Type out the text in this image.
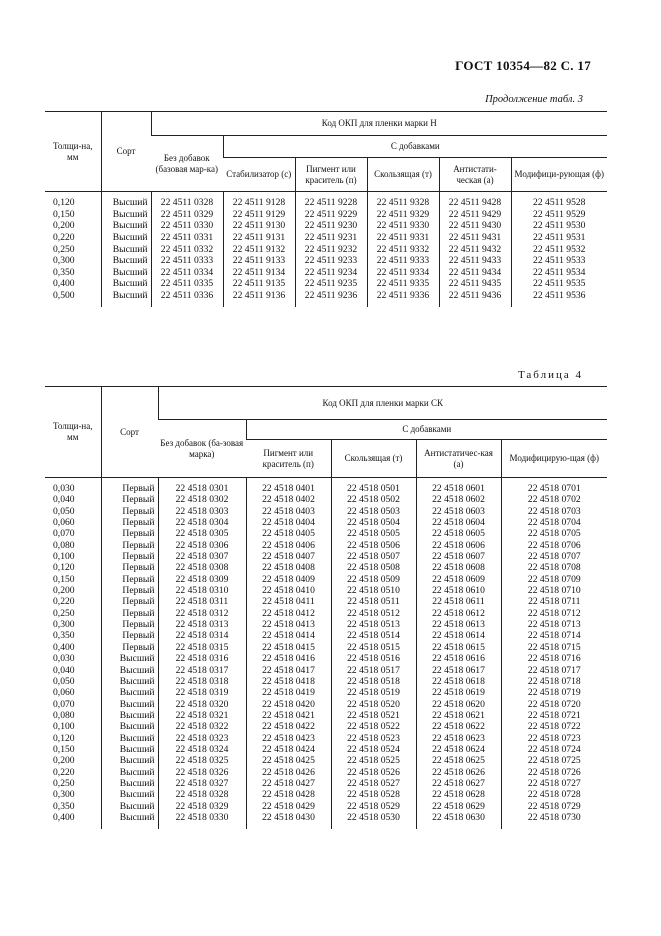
ГОСТ 10354—82 С. 17
Продолжение табл. 3
Толщи-на, мм	Сорт	Код ОКП для пленки марки Н					
		Без добавок (базовая мар-ка)	С добавками				
			Стабилизатор (с)	Пигмент или краситель (п)	Скользящая (т)	Антистати-ческая (а)	Модифици-рующая (ф)
0,120	Высший	22 4511 0328	22 4511 9128	22 4511 9228	22 4511 9328	22 4511 9428	22 4511 9528
0,150	Высший	22 4511 0329	22 4511 9129	22 4511 9229	22 4511 9329	22 4511 9429	22 4511 9529
0,200	Высший	22 4511 0330	22 4511 9130	22 4511 9230	22 4511 9330	22 4511 9430	22 4511 9530
0,220	Высший	22 4511 0331	22 4511 9131	22 4511 9231	22 4511 9331	22 4511 9431	22 4511 9531
0,250	Высший	22 4511 0332	22 4511 9132	22 4511 9232	22 4511 9332	22 4511 9432	22 4511 9532
0,300	Высший	22 4511 0333	22 4511 9133	22 4511 9233	22 4511 9333	22 4511 9433	22 4511 9533
0,350	Высший	22 4511 0334	22 4511 9134	22 4511 9234	22 4511 9334	22 4511 9434	22 4511 9534
0,400	Высший	22 4511 0335	22 4511 9135	22 4511 9235	22 4511 9335	22 4511 9435	22 4511 9535
0,500	Высший	22 4511 0336	22 4511 9136	22 4511 9236	22 4511 9336	22 4511 9436	22 4511 9536
Таблица 4
Толщи-на, мм	Сорт	Код ОКП для пленки марки СК				
		Без добавок (ба-зовая марка)	С добавками			
			Пигмент или краситель (п)	Скользящая (т)	Антистатичес-кая (а)	Модифицирую-щая (ф)
0,030	Первый	22 4518 0301	22 4518 0401	22 4518 0501	22 4518 0601	22 4518 0701
0,040	Первый	22 4518 0302	22 4518 0402	22 4518 0502	22 4518 0602	22 4518 0702
0,050	Первый	22 4518 0303	22 4518 0403	22 4518 0503	22 4518 0603	22 4518 0703
0,060	Первый	22 4518 0304	22 4518 0404	22 4518 0504	22 4518 0604	22 4518 0704
0,070	Первый	22 4518 0305	22 4518 0405	22 4518 0505	22 4518 0605	22 4518 0705
0,080	Первый	22 4518 0306	22 4518 0406	22 4518 0506	22 4518 0606	22 4518 0706
0,100	Первый	22 4518 0307	22 4518 0407	22 4518 0507	22 4518 0607	22 4518 0707
0,120	Первый	22 4518 0308	22 4518 0408	22 4518 0508	22 4518 0608	22 4518 0708
0,150	Первый	22 4518 0309	22 4518 0409	22 4518 0509	22 4518 0609	22 4518 0709
0,200	Первый	22 4518 0310	22 4518 0410	22 4518 0510	22 4518 0610	22 4518 0710
0,220	Первый	22 4518 0311	22 4518 0411	22 4518 0511	22 4518 0611	22 4518 0711
0,250	Первый	22 4518 0312	22 4518 0412	22 4518 0512	22 4518 0612	22 4518 0712
0,300	Первый	22 4518 0313	22 4518 0413	22 4518 0513	22 4518 0613	22 4518 0713
0,350	Первый	22 4518 0314	22 4518 0414	22 4518 0514	22 4518 0614	22 4518 0714
0,400	Первый	22 4518 0315	22 4518 0415	22 4518 0515	22 4518 0615	22 4518 0715
0,030	Высший	22 4518 0316	22 4518 0416	22 4518 0516	22 4518 0616	22 4518 0716
0,040	Высший	22 4518 0317	22 4518 0417	22 4518 0517	22 4518 0617	22 4518 0717
0,050	Высший	22 4518 0318	22 4518 0418	22 4518 0518	22 4518 0618	22 4518 0718
0,060	Высший	22 4518 0319	22 4518 0419	22 4518 0519	22 4518 0619	22 4518 0719
0,070	Высший	22 4518 0320	22 4518 0420	22 4518 0520	22 4518 0620	22 4518 0720
0,080	Высший	22 4518 0321	22 4518 0421	22 4518 0521	22 4518 0621	22 4518 0721
0,100	Высший	22 4518 0322	22 4518 0422	22 4518 0522	22 4518 0622	22 4518 0722
0,120	Высший	22 4518 0323	22 4518 0423	22 4518 0523	22 4518 0623	22 4518 0723
0,150	Высший	22 4518 0324	22 4518 0424	22 4518 0524	22 4518 0624	22 4518 0724
0,200	Высший	22 4518 0325	22 4518 0425	22 4518 0525	22 4518 0625	22 4518 0725
0,220	Высший	22 4518 0326	22 4518 0426	22 4518 0526	22 4518 0626	22 4518 0726
0,250	Высший	22 4518 0327	22 4518 0427	22 4518 0527	22 4518 0627	22 4518 0727
0,300	Высший	22 4518 0328	22 4518 0428	22 4518 0528	22 4518 0628	22 4518 0728
0,350	Высший	22 4518 0329	22 4518 0429	22 4518 0529	22 4518 0629	22 4518 0729
0,400	Высший	22 4518 0330	22 4518 0430	22 4518 0530	22 4518 0630	22 4518 0730
